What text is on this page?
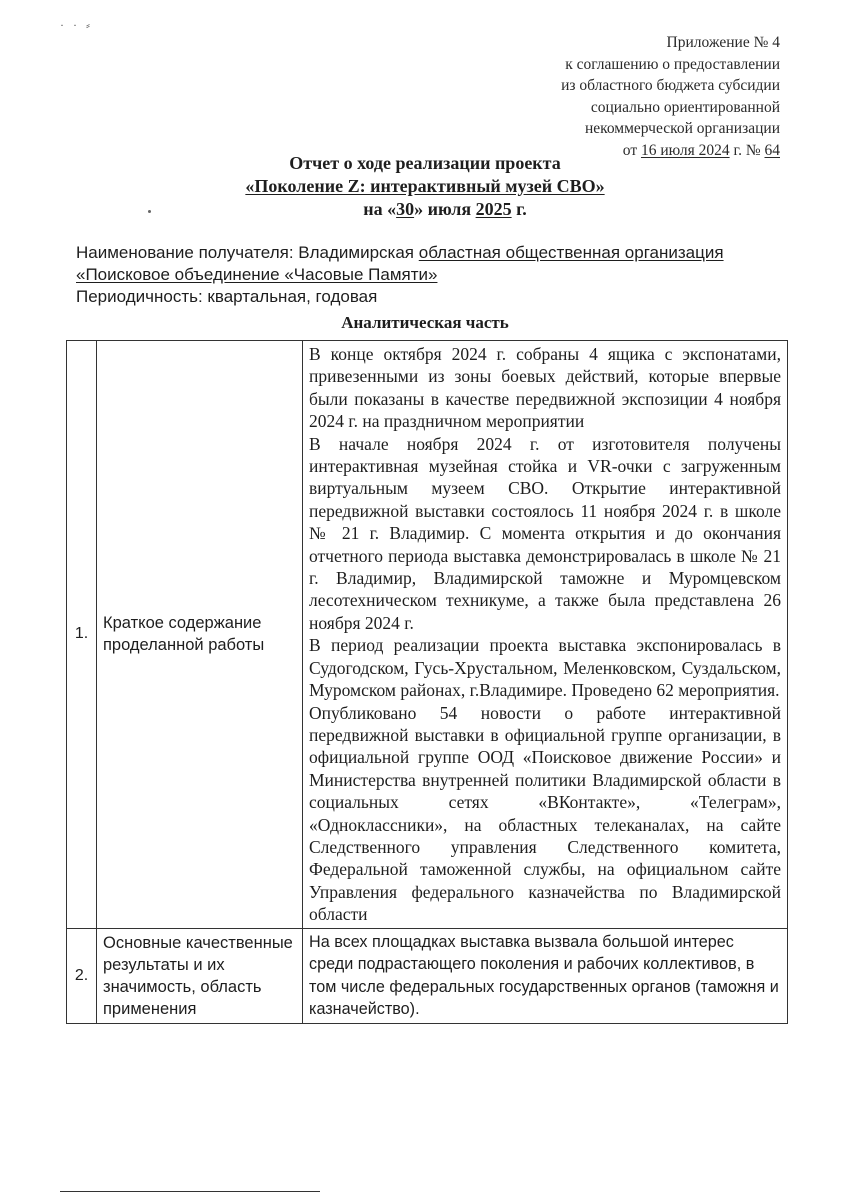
· · ⸗
Приложение № 4
к соглашению о предоставлении
из областного бюджета субсидии
социально ориентированной
некоммерческой организации
от 16 июля 2024 г. № 64
Отчет о ходе реализации проекта
«Поколение Z: интерактивный музей СВО»
на «30» июля 2025 г.

Наименование получателя: Владимирская областная общественная организация

«Поисковое объединение «Часовые Памяти»

Периодичность: квартальная, годовая

Аналитическая часть
1.	Краткое содержание проделанной работы	В конце октября 2024 г. собраны 4 ящика с экспонатами, привезенными из зоны боевых действий, которые впервые были показаны в качестве передвижной экспозиции 4 ноября 2024 г. на праздничном мероприятии

В начале ноября 2024 г. от изготовителя получены интерактивная музейная стойка и VR-очки с загруженным виртуальным музеем СВО. Открытие интерактивной передвижной выставки состоялось 11 ноября 2024 г. в школе № 21 г. Владимир. С момента открытия и до окончания отчетного периода выставка демонстрировалась в школе № 21 г. Владимир, Владимирской таможне и Муромцевском лесотехническом техникуме, а также была представлена 26 ноября 2024 г.

В период реализации проекта выставка экспонировалась в Судогодском, Гусь-Хрустальном, Меленковском, Суздальском, Муромском районах, г.Владимире. Проведено 62 мероприятия.

Опубликовано 54 новости о работе интерактивной передвижной выставки в официальной группе организации, в официальной группе ООД «Поисковое движение России» и Министерства внутренней политики Владимирской области в социальных сетях «ВКонтакте», «Телеграм», «Одноклассники», на областных телеканалах, на сайте Следственного управления Следственного комитета, Федеральной таможенной службы, на официальном сайте Управления федерального казначейства по Владимирской области

2.	Основные качественные результаты и их значимость, область применения	На всех площадках выставка вызвала большой интерес среди подрастающего поколения и рабочих коллективов, в том числе федеральных государственных органов (таможня и казначейство).
